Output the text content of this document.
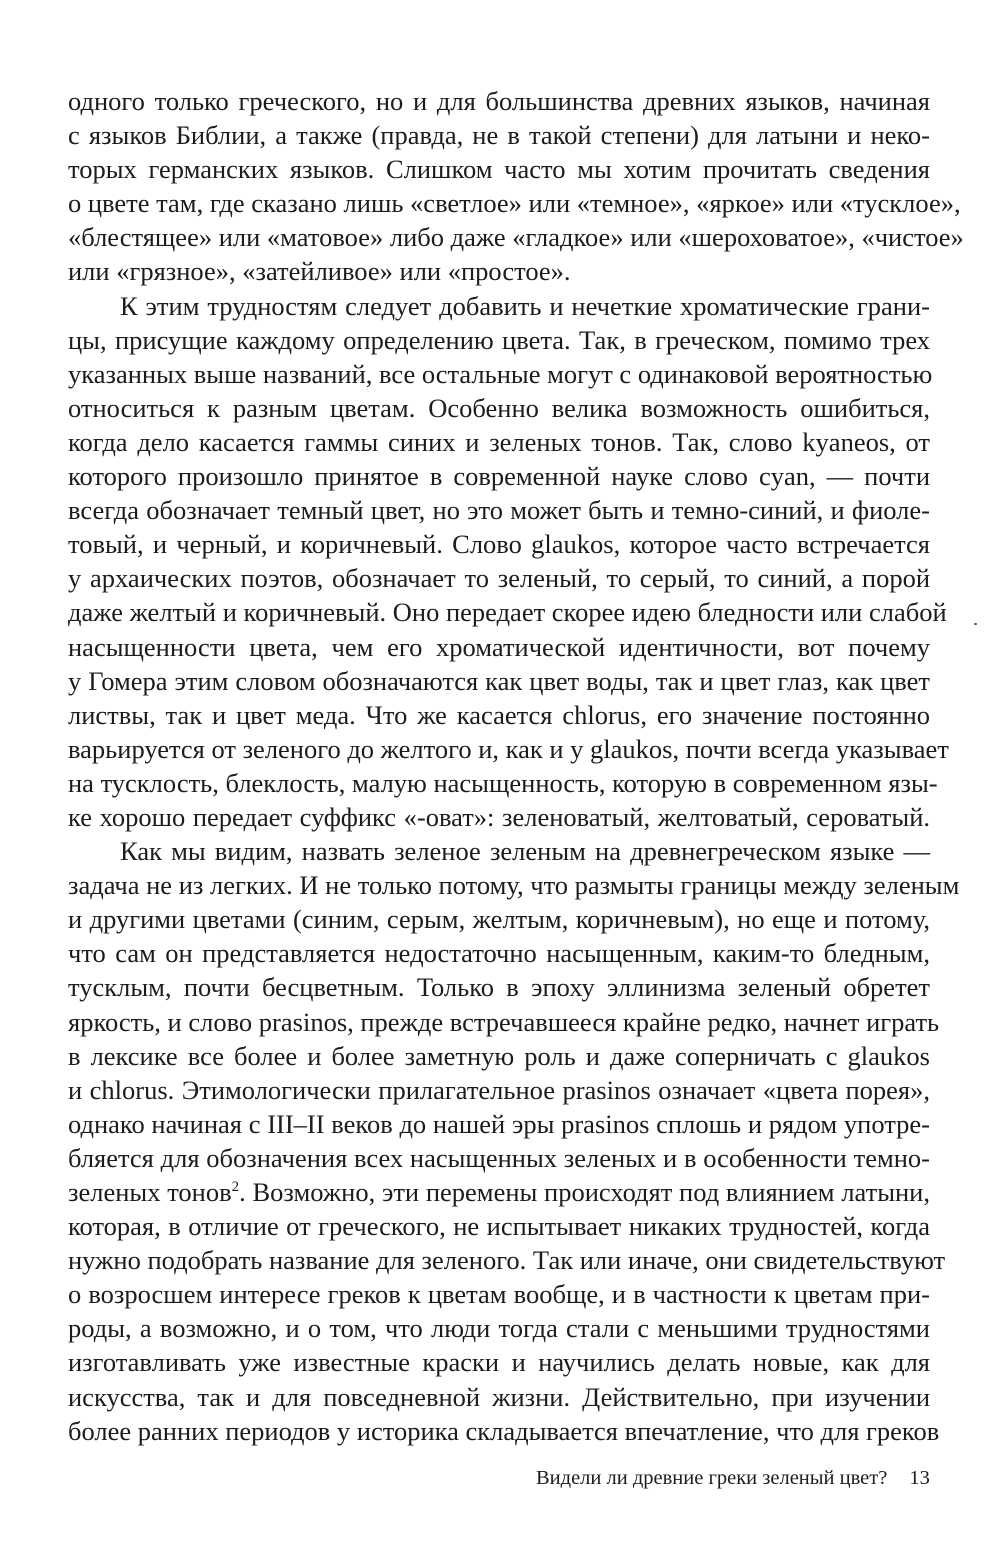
одного только греческого, но и для большинства древних языков, начиная
с языков Библии, а также (правда, не в такой степени) для латыни и неко-
торых германских языков. Слишком часто мы хотим прочитать сведения
о цвете там, где сказано лишь «светлое» или «темное», «яркое» или «тусклое»,
«блестящее» или «матовое» либо даже «гладкое» или «шероховатое», «чистое»
или «грязное», «затейливое» или «простое».
К этим трудностям следует добавить и нечеткие хроматические грани-
цы, присущие каждому определению цвета. Так, в греческом, помимо трех
указанных выше названий, все остальные могут с одинаковой вероятностью
относиться к разным цветам. Особенно велика возможность ошибиться,
когда дело касается гаммы синих и зеленых тонов. Так, слово kyaneos, от
которого произошло принятое в современной науке слово cyan, — почти
всегда обозначает темный цвет, но это может быть и темно-синий, и фиоле-
товый, и черный, и коричневый. Слово glaukos, которое часто встречается
у архаических поэтов, обозначает то зеленый, то серый, то синий, а порой
даже желтый и коричневый. Оно передает скорее идею бледности или слабой
насыщенности цвета, чем его хроматической идентичности, вот почему
у Гомера этим словом обозначаются как цвет воды, так и цвет глаз, как цвет
листвы, так и цвет меда. Что же касается chlorus, его значение постоянно
варьируется от зеленого до желтого и, как и у glaukos, почти всегда указывает
на тусклость, блеклость, малую насыщенность, которую в современном язы-
ке хорошо передает суффикс «-оват»: зеленоватый, желтоватый, сероватый.
Как мы видим, назвать зеленое зеленым на древнегреческом языке —
задача не из легких. И не только потому, что размыты границы между зеленым
и другими цветами (синим, серым, желтым, коричневым), но еще и потому,
что сам он представляется недостаточно насыщенным, каким-то бледным,
тусклым, почти бесцветным. Только в эпоху эллинизма зеленый обретет
яркость, и слово prasinos, прежде встречавшееся крайне редко, начнет играть
в лексике все более и более заметную роль и даже соперничать с glaukos
и chlorus. Этимологически прилагательное prasinos означает «цвета порея»,
однако начиная с III–II веков до нашей эры prasinos сплошь и рядом употре-
бляется для обозначения всех насыщенных зеленых и в особенности темно-
зеленых тонов$^2$. Возможно, эти перемены происходят под влиянием латыни,
которая, в отличие от греческого, не испытывает никаких трудностей, когда
нужно подобрать название для зеленого. Так или иначе, они свидетельствуют
о возросшем интересе греков к цветам вообще, и в частности к цветам при-
роды, а возможно, и о том, что люди тогда стали с меньшими трудностями
изготавливать уже известные краски и научились делать новые, как для
искусства, так и для повседневной жизни. Действительно, при изучении
более ранних периодов у историка складывается впечатление, что для греков
Видели ли древние греки зеленый цвет? 13
